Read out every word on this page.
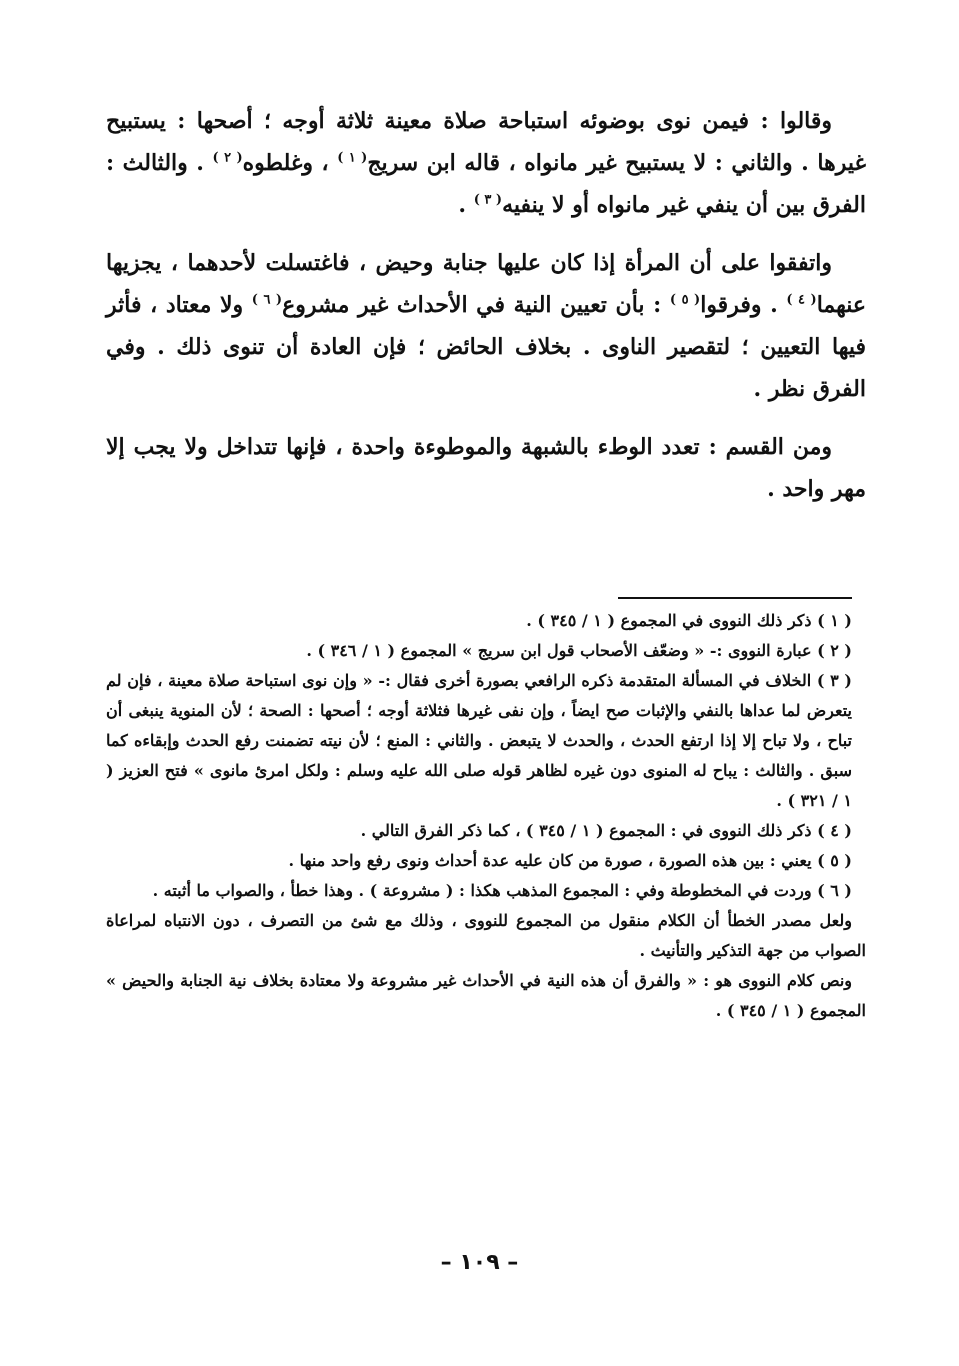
وقالوا : فيمن نوى بوضوئه استباحة صلاة معينة ثلاثة أوجه ؛ أصحها : يستبيح غيرها . والثاني : لا يستبيح غير مانواه ، قاله ابن سريج$^{( ١ )}$ ، وغلطوه$^{( ٢ )}$ . والثالث : الفرق بين أن ينفي غير مانواه أو لا ينفيه$^{( ٣ )}$ .

واتفقوا على أن المرأة إذا كان عليها جنابة وحيض ، فاغتسلت لأحدهما ، يجزيها عنهما$^{( ٤ )}$ . وفرقوا$^{( ٥ )}$ : بأن تعيين النية في الأحداث غير مشروع$^{( ٦ )}$ ولا معتاد ، فأثر فيها التعيين ؛ لتقصير الناوى . بخلاف الحائض ؛ فإن العادة أن تنوى ذلك . وفي الفرق نظر .

ومن القسم : تعدد الوطء بالشبهة والموطوءة واحدة ، فإنها تتداخل ولا يجب إلا مهر واحد .

( ١ ) ذكر ذلك النووى في المجموع ( ١ / ٣٤٥ ) .

( ٢ ) عبارة النووى :- « وضعّف الأصحاب قول ابن سريج » المجموع ( ١ / ٣٤٦ ) .

( ٣ ) الخلاف في المسألة المتقدمة ذكره الرافعي بصورة أخرى فقال :- « وإن نوى استباحة صلاة معينة ، فإن لم يتعرض لما عداها بالنفي والإثبات صح ايضاً ، وإن نفى غيرها فثلاثة أوجه ؛ أصحها : الصحة ؛ لأن المنوية ينبغى أن تباح ، ولا تباح إلا إذا ارتفع الحدث ، والحدث لا يتبعض . والثاني : المنع ؛ لأن نيته تضمنت رفع الحدث وإبقاءه كما سبق . والثالث : يباح له المنوى دون غيره لظاهر قوله صلى الله عليه وسلم : ولكل امرئ مانوى » فتح العزيز ( ١ / ٣٢١ ) .

( ٤ ) ذكر ذلك النووى في : المجموع ( ١ / ٣٤٥ ) ، كما ذكر الفرق التالي .

( ٥ ) يعني : بين هذه الصورة ، صورة من كان عليه عدة أحداث ونوى رفع واحد منها .

( ٦ ) وردت في المخطوطة وفي : المجموع المذهب هكذا : ( مشروعة ) . وهذا خطأ ، والصواب ما أثبته .

ولعل مصدر الخطأ أن الكلام منقول من المجموع للنووى ، وذلك مع شئ من التصرف ، دون الانتباه لمراعاة الصواب من جهة التذكير والتأنيث .

ونص كلام النووى هو : « والفرق أن هذه النية في الأحداث غير مشروعة ولا معتادة بخلاف نية الجنابة والحيض » المجموع ( ١ / ٣٤٥ ) .

– ١٠٩ –
